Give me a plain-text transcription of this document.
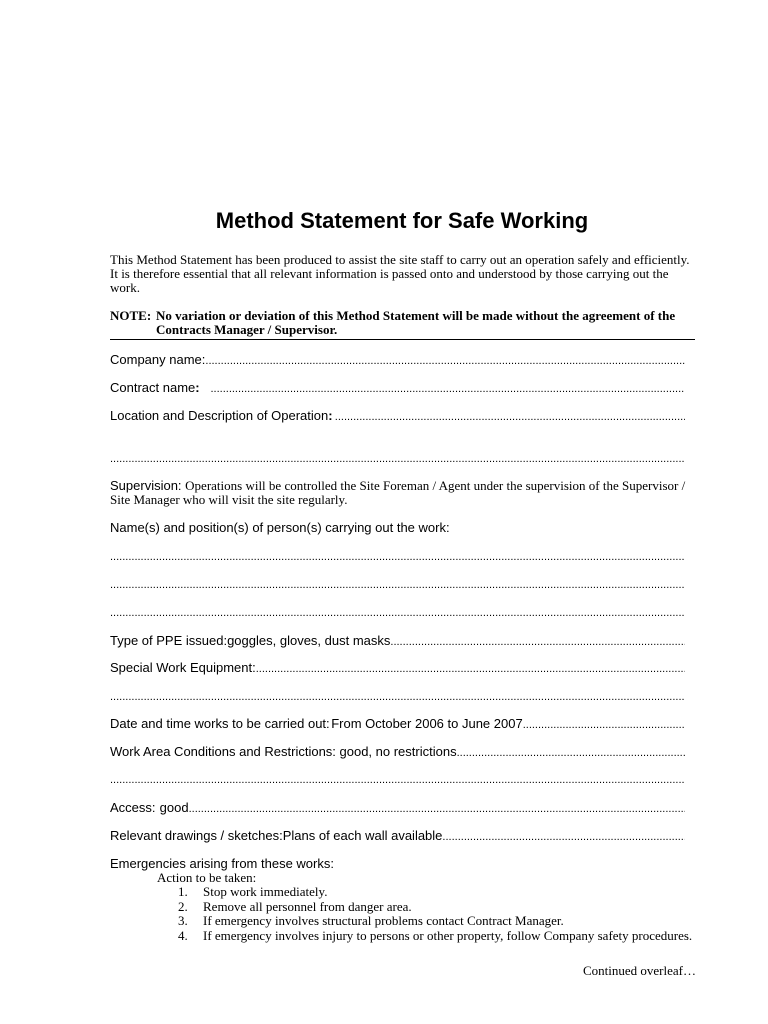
Method Statement for Safe Working

This Method Statement has been produced to assist the site staff to carry out an operation safely and efficiently. It is therefore essential that all relevant information is passed onto and understood by those carrying out the work.

NOTE: No variation or deviation of this Method Statement will be made without the agreement of the Contracts Manager / Supervisor.
Company name:
.....
Contract name :
.....
Location and Description of Operation :
.....
.....
Supervision: Operations will be controlled the Site Foreman / Agent under the supervision of the Supervisor / Site Manager who will visit the site regularly.
Name(s) and position(s) of person(s) carrying out the work:
.....
.....
.....
Type of PPE issued: goggles, gloves, dust masks
.....
Special Work Equipment:
.....
.....
Date and time works to be carried out: From October 2006 to June 2007
.....
Work Area Conditions and Restrictions: good, no restrictions
.....
.....
Access: good
.....
Relevant drawings / sketches: Plans of each wall available
.....
Emergencies arising from these works:
Action to be taken:
1.	Stop work immediately.
2.	Remove all personnel from danger area.
3.	If emergency involves structural problems contact Contract Manager.
4.	If emergency involves injury to persons or other property, follow Company safety procedures.
Continued overleaf…
